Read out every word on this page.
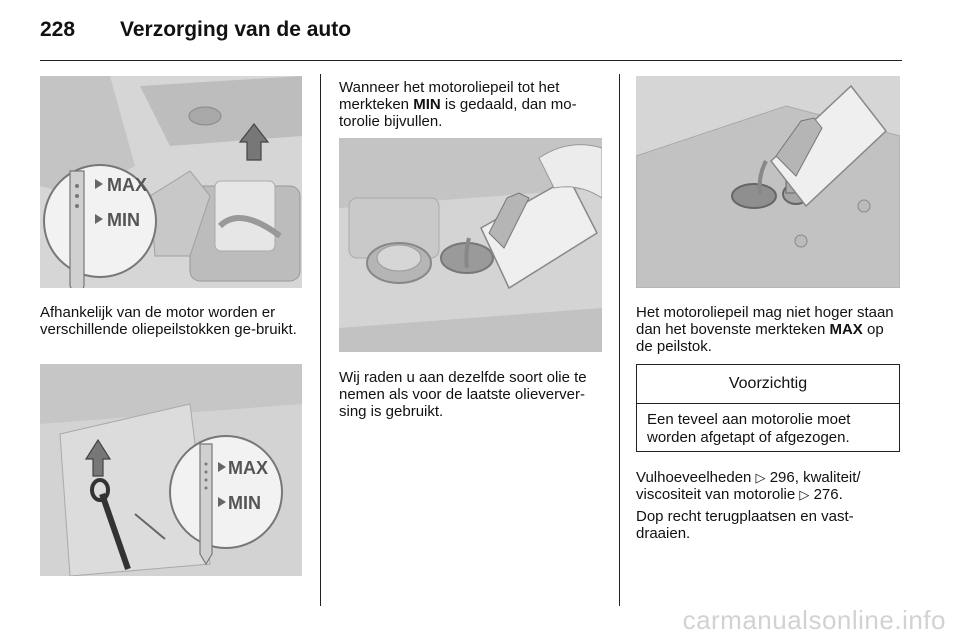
228 Verzorging van de auto
MAX
MIN

Afhankelijk van de motor worden er verschillende oliepeilstokken ge-bruikt.

MAX
MIN

Wanneer het motoroliepeil tot het merkteken MIN is gedaald, dan mo-torolie bijvullen.

Wij raden u aan dezelfde soort olie te nemen als voor de laatste olieverver-sing is gebruikt.

Het motoroliepeil mag niet hoger staan dan het bovenste merkteken MAX op de peilstok.

Voorzichtig

Een teveel aan motorolie moet worden afgetapt of afgezogen.

Vulhoeveelheden ▷ 296, kwaliteit/ viscositeit van motorolie ▷ 276.

Dop recht terugplaatsen en vast-draaien.

carmanualsonline.info
